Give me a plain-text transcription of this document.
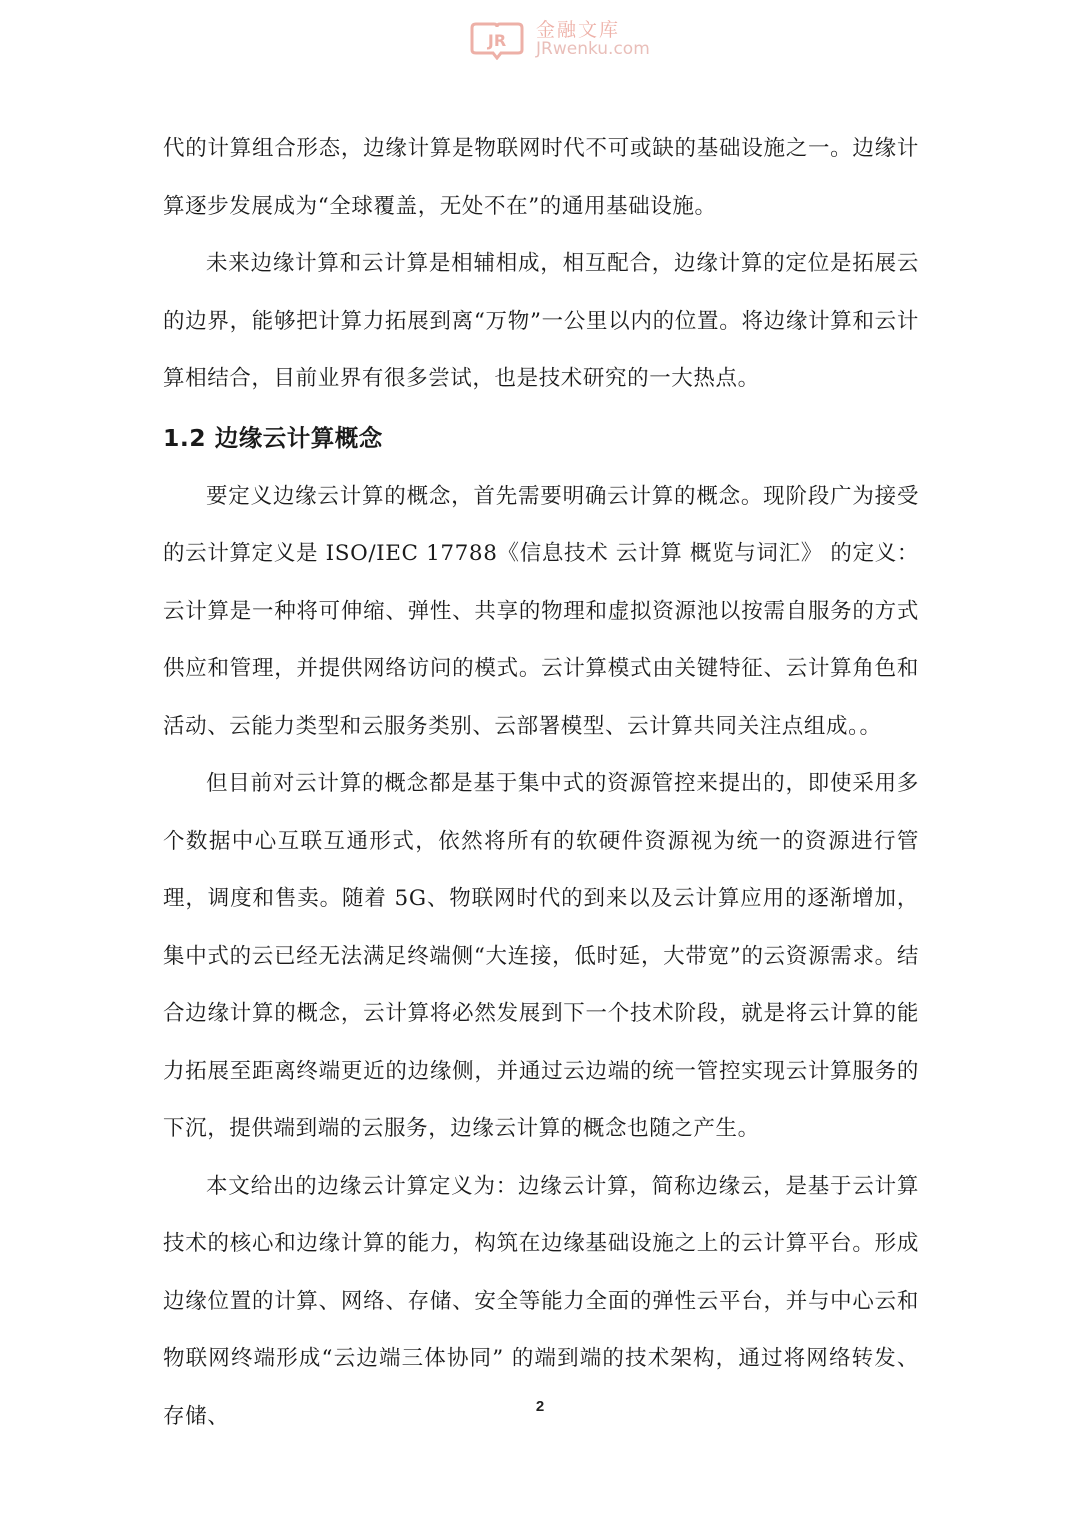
JR 金融文库
JRwenku.com

代的计算组合形态，边缘计算是物联网时代不可或缺的基础设施之一。边缘计算逐步发展成为“全球覆盖，无处不在”的通用基础设施。

未来边缘计算和云计算是相辅相成，相互配合，边缘计算的定位是拓展云的边界，能够把计算力拓展到离“万物”一公里以内的位置。将边缘计算和云计算相结合，目前业界有很多尝试，也是技术研究的一大热点。

1.2 边缘云计算概念

要定义边缘云计算的概念，首先需要明确云计算的概念。现阶段广为接受的云计算定义是 ISO/IEC 17788《信息技术 云计算 概览与词汇》 的定义：云计算是一种将可伸缩、弹性、共享的物理和虚拟资源池以按需自服务的方式供应和管理，并提供网络访问的模式。云计算模式由关键特征、云计算角色和活动、云能力类型和云服务类别、云部署模型、云计算共同关注点组成。。

但目前对云计算的概念都是基于集中式的资源管控来提出的，即使采用多个数据中心互联互通形式，依然将所有的软硬件资源视为统一的资源进行管理，调度和售卖。随着 5G、物联网时代的到来以及云计算应用的逐渐增加，集中式的云已经无法满足终端侧“大连接，低时延，大带宽”的云资源需求。结合边缘计算的概念，云计算将必然发展到下一个技术阶段，就是将云计算的能力拓展至距离终端更近的边缘侧，并通过云边端的统一管控实现云计算服务的下沉，提供端到端的云服务，边缘云计算的概念也随之产生。

本文给出的边缘云计算定义为：边缘云计算，简称边缘云，是基于云计算技术的核心和边缘计算的能力，构筑在边缘基础设施之上的云计算平台。形成边缘位置的计算、网络、存储、安全等能力全面的弹性云平台，并与中心云和物联网终端形成“云边端三体协同” 的端到端的技术架构，通过将网络转发、存储、	2
